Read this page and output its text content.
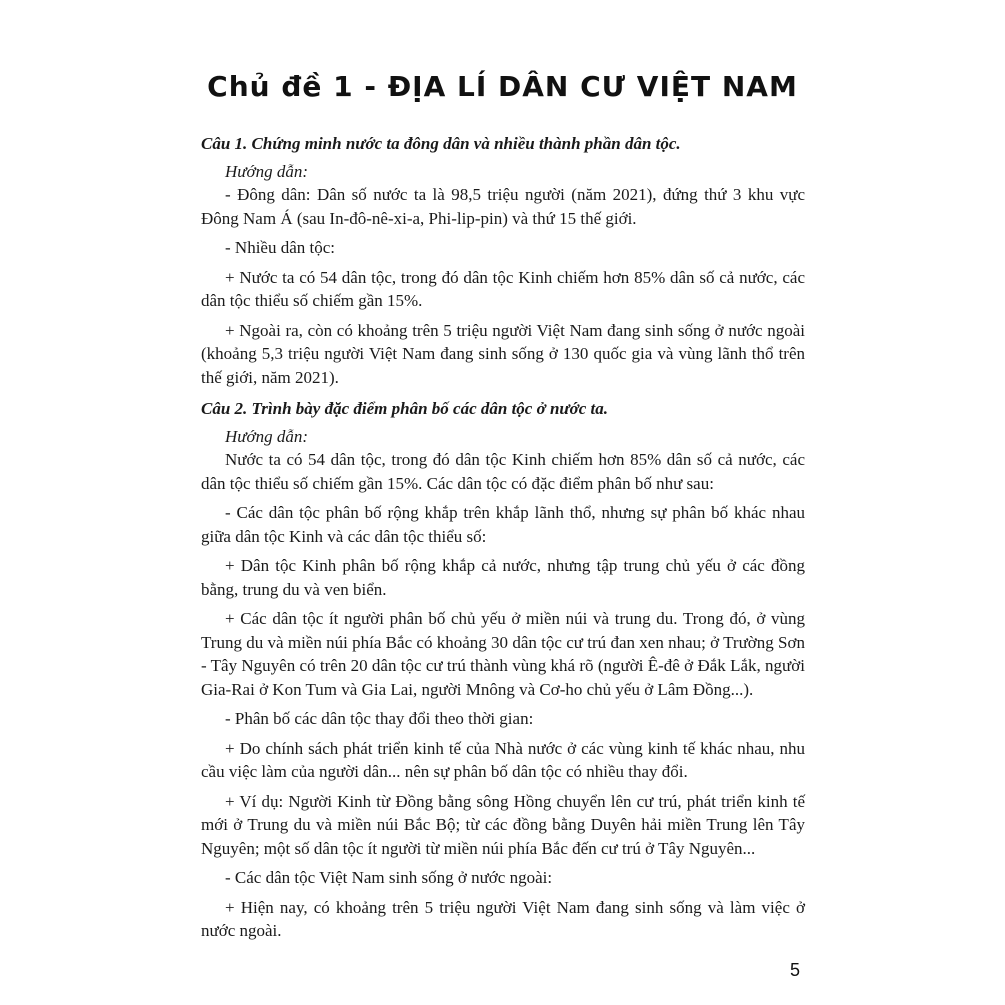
Chủ đề 1 - ĐỊA LÍ DÂN CƯ VIỆT NAM

Câu 1. Chứng minh nước ta đông dân và nhiều thành phần dân tộc.

Hướng dẫn:

- Đông dân: Dân số nước ta là 98,5 triệu người (năm 2021), đứng thứ 3 khu vực Đông Nam Á (sau In-đô-nê-xi-a, Phi-lip-pin) và thứ 15 thế giới.

- Nhiều dân tộc:

+ Nước ta có 54 dân tộc, trong đó dân tộc Kinh chiếm hơn 85% dân số cả nước, các dân tộc thiểu số chiếm gần 15%.

+ Ngoài ra, còn có khoảng trên 5 triệu người Việt Nam đang sinh sống ở nước ngoài (khoảng 5,3 triệu người Việt Nam đang sinh sống ở 130 quốc gia và vùng lãnh thổ trên thế giới, năm 2021).

Câu 2. Trình bày đặc điểm phân bố các dân tộc ở nước ta.

Hướng dẫn:

Nước ta có 54 dân tộc, trong đó dân tộc Kinh chiếm hơn 85% dân số cả nước, các dân tộc thiểu số chiếm gần 15%. Các dân tộc có đặc điểm phân bố như sau:

- Các dân tộc phân bố rộng khắp trên khắp lãnh thổ, nhưng sự phân bố khác nhau giữa dân tộc Kinh và các dân tộc thiểu số:

+ Dân tộc Kinh phân bố rộng khắp cả nước, nhưng tập trung chủ yếu ở các đồng bằng, trung du và ven biển.

+ Các dân tộc ít người phân bố chủ yếu ở miền núi và trung du. Trong đó, ở vùng Trung du và miền núi phía Bắc có khoảng 30 dân tộc cư trú đan xen nhau; ở Trường Sơn - Tây Nguyên có trên 20 dân tộc cư trú thành vùng khá rõ (người Ê-đê ở Đắk Lắk, người Gia-Rai ở Kon Tum và Gia Lai, người Mnông và Cơ-ho chủ yếu ở Lâm Đồng...).

- Phân bố các dân tộc thay đổi theo thời gian:

+ Do chính sách phát triển kinh tế của Nhà nước ở các vùng kinh tế khác nhau, nhu cầu việc làm của người dân... nên sự phân bố dân tộc có nhiều thay đổi.

+ Ví dụ: Người Kinh từ Đồng bằng sông Hồng chuyển lên cư trú, phát triển kinh tế mới ở Trung du và miền núi Bắc Bộ; từ các đồng bằng Duyên hải miền Trung lên Tây Nguyên; một số dân tộc ít người từ miền núi phía Bắc đến cư trú ở Tây Nguyên...

- Các dân tộc Việt Nam sinh sống ở nước ngoài:

+ Hiện nay, có khoảng trên 5 triệu người Việt Nam đang sinh sống và làm việc ở nước ngoài.

5
